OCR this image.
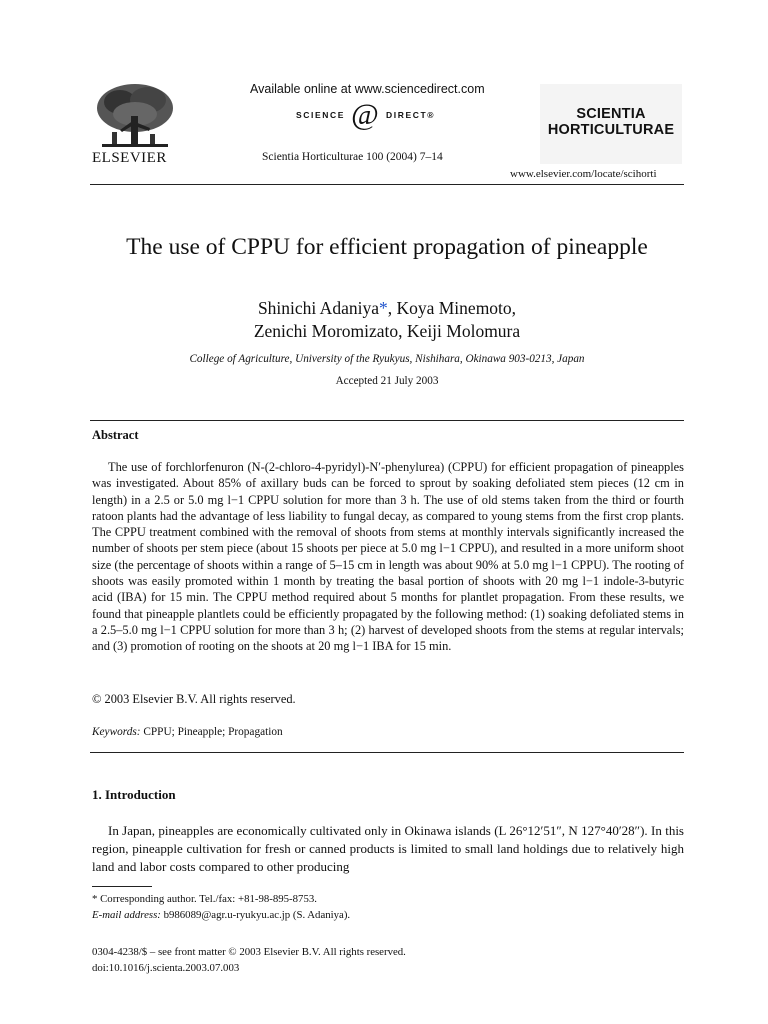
ELSEVIER
Available online at www.sciencedirect.com
SCIENCE @ DIRECT®
Scientia Horticulturae 100 (2004) 7–14
SCIENTIA HORTICULTURAE
www.elsevier.com/locate/scihorti
The use of CPPU for efficient propagation of pineapple
Shinichi Adaniya*, Koya Minemoto,
Zenichi Moromizato, Keiji Molomura
College of Agriculture, University of the Ryukyus, Nishihara, Okinawa 903-0213, Japan
Accepted 21 July 2003
Abstract

The use of forchlorfenuron (N-(2-chloro-4-pyridyl)-N′-phenylurea) (CPPU) for efficient propagation of pineapples was investigated. About 85% of axillary buds can be forced to sprout by soaking defoliated stem pieces (12 cm in length) in a 2.5 or 5.0 mg l−1 CPPU solution for more than 3 h. The use of old stems taken from the third or fourth ratoon plants had the advantage of less liability to fungal decay, as compared to young stems from the first crop plants. The CPPU treatment combined with the removal of shoots from stems at monthly intervals significantly increased the number of shoots per stem piece (about 15 shoots per piece at 5.0 mg l−1 CPPU), and resulted in a more uniform shoot size (the percentage of shoots within a range of 5–15 cm in length was about 90% at 5.0 mg l−1 CPPU). The rooting of shoots was easily promoted within 1 month by treating the basal portion of shoots with 20 mg l−1 indole-3-butyric acid (IBA) for 15 min. The CPPU method required about 5 months for plantlet propagation. From these results, we found that pineapple plantlets could be efficiently propagated by the following method: (1) soaking defoliated stems in a 2.5–5.0 mg l−1 CPPU solution for more than 3 h; (2) harvest of developed shoots from the stems at regular intervals; and (3) promotion of rooting on the shoots at 20 mg l−1 IBA for 15 min.

© 2003 Elsevier B.V. All rights reserved.
Keywords: CPPU; Pineapple; Propagation
1. Introduction

In Japan, pineapples are economically cultivated only in Okinawa islands (L 26°12′51″, N 127°40′28″). In this region, pineapple cultivation for fresh or canned products is limited to small land holdings due to relatively high land and labor costs compared to other producing

* Corresponding author. Tel./fax: +81-98-895-8753.
E-mail address: b986089@agr.u-ryukyu.ac.jp (S. Adaniya).
0304-4238/$ – see front matter © 2003 Elsevier B.V. All rights reserved.
doi:10.1016/j.scienta.2003.07.003
